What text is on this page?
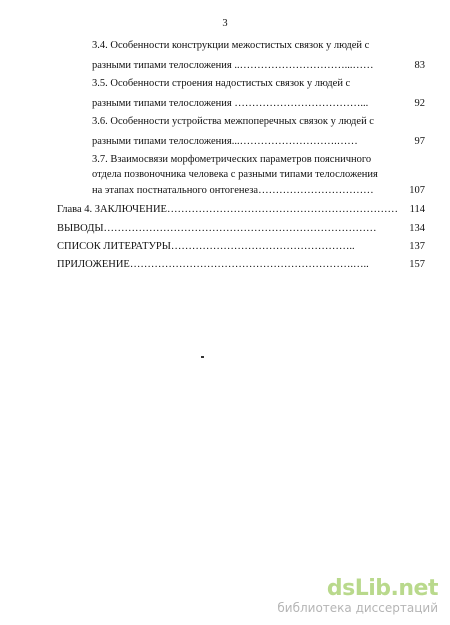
3
3.4. Особенности конструкции межостистых связок у людей с
разными типами телосложения ..…………………………...……	83
3.5. Особенности строения надостистых связок у людей с
разными типами телосложения ………………………………...	92
3.6. Особенности устройства межпоперечных связок у людей с
разными типами телосложения...……………………….……	97
3.7. Взаимосвязи морфометрических параметров поясничного
отдела позвоночника человека с разными типами телосложения
на этапах постнатального онтогенеза……………………………	107
Глава 4. ЗАКЛЮЧЕНИЕ…………………………………………………………	114
ВЫВОДЫ……………………………………………………………………	134
СПИСОК ЛИТЕРАТУРЫ……………………………………………..	137
ПРИЛОЖЕНИЕ……………………………………………………….…..	157
dsLib.net
библиотека диссертаций
